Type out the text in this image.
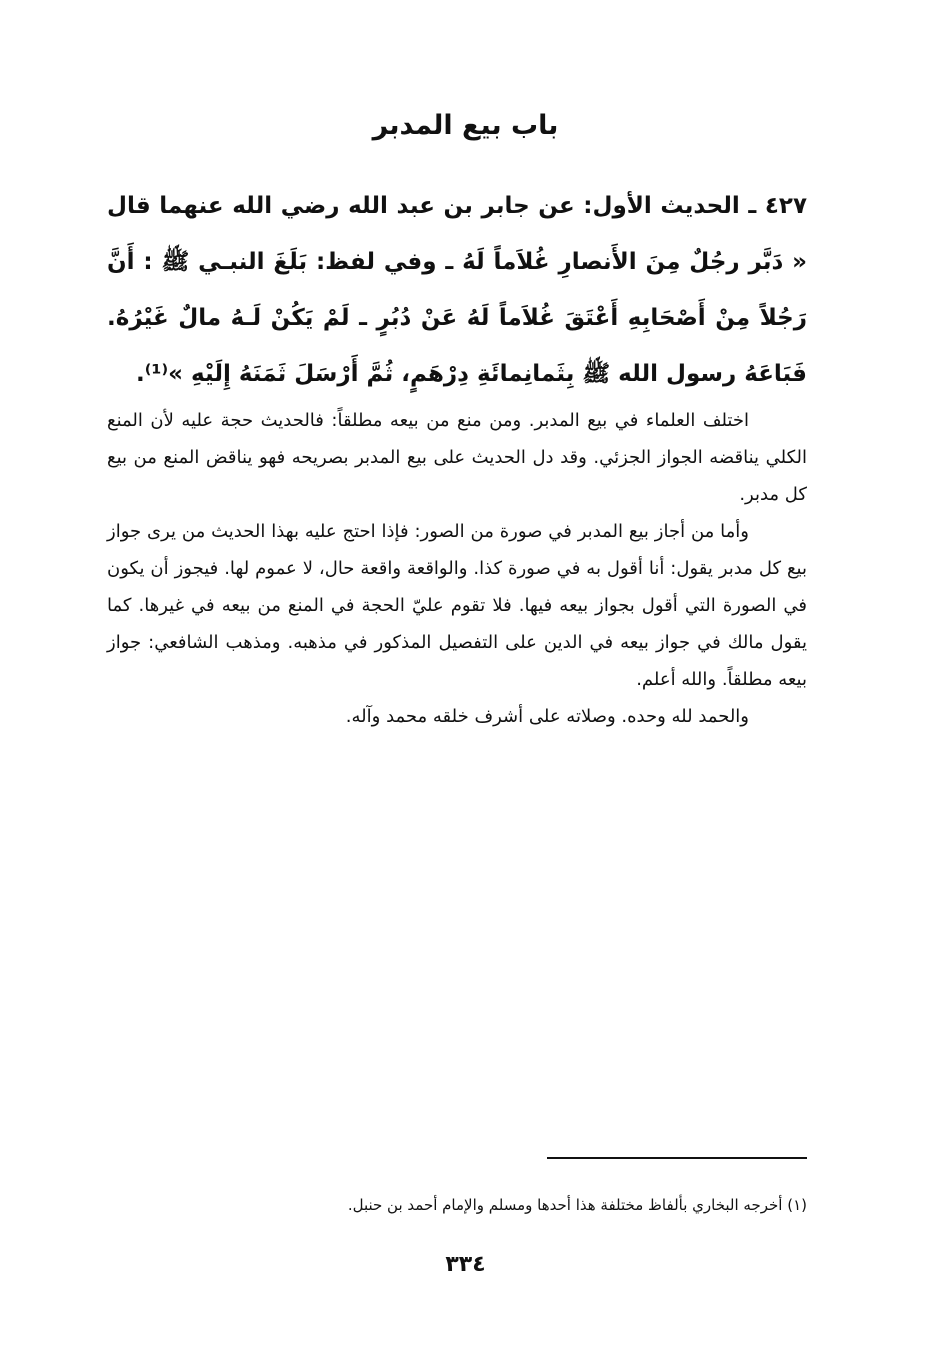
باب بيع المدبر
٤٢٧ ـ الحديث الأول: عن جابر بن عبد الله رضي الله عنهما قال « دَبَّر رجُلٌ مِنَ الأَنصارِ غُلاَماً لَهُ ـ وفي لفظ: بَلَغَ النبـي ﷺ : أَنَّ رَجُلاً مِنْ أَصْحَابِهِ أَعْتَقَ غُلاَماً لَهُ عَنْ دُبُرٍ ـ لَمْ يَكُنْ لَـهُ مالٌ غَيْرُهُ. فَبَاعَهُ رسول الله ﷺ بِثَمانِمائَةِ دِرْهَمٍ، ثُمَّ أَرْسَلَ ثَمَنَهُ إِلَيْهِ »⁽¹⁾.

اختلف العلماء في بيع المدبر. ومن منع من بيعه مطلقاً: فالحديث حجة عليه لأن المنع الكلي يناقضه الجواز الجزئي. وقد دل الحديث على بيع المدبر بصريحه فهو يناقض المنع من بيع كل مدبر.

وأما من أجاز بيع المدبر في صورة من الصور: فإذا احتج عليه بهذا الحديث من يرى جواز بيع كل مدبر يقول: أنا أقول به في صورة كذا. والواقعة واقعة حال، لا عموم لها. فيجوز أن يكون في الصورة التي أقول بجواز بيعه فيها. فلا تقوم عليّ الحجة في المنع من بيعه في غيرها. كما يقول مالك في جواز بيعه في الدين على التفصيل المذكور في مذهبه. ومذهب الشافعي: جواز بيعه مطلقاً. والله أعلم.

والحمد لله وحده. وصلاته على أشرف خلقه محمد وآله.

(١) أخرجه البخاري بألفاظ مختلفة هذا أحدها ومسلم والإمام أحمد بن حنبل.
٣٣٤
